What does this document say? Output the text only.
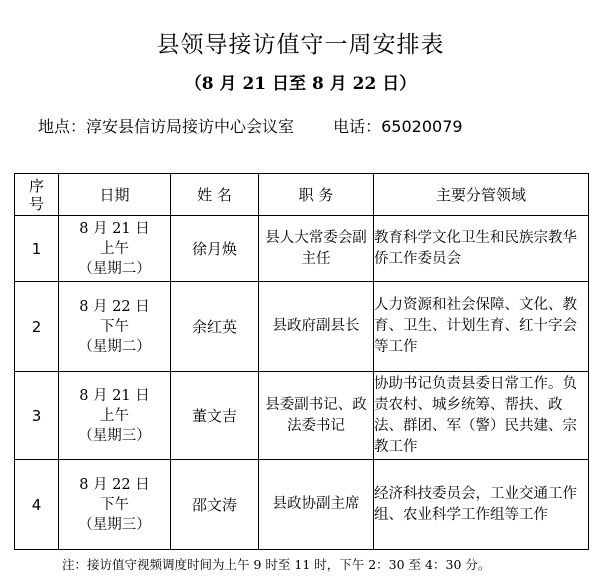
县领导接访值守一周安排表
（8 月 21 日至 8 月 22 日）
地点：淳安县信访局接访中心会议室 电话：65020079
序
号	日期	姓 名	职 务	主要分管领域
1	8 月 21 日
上午
（星期二）	徐月焕	县人大常委会副主任	教育科学文化卫生和民族宗教华侨工作委员会
2	8 月 22 日
下午
（星期二）	余红英	县政府副县长	人力资源和社会保障、文化、教育、卫生、计划生育、红十字会等工作
3	8 月 21 日
上午
（星期三）	董文吉	县委副书记、政法委书记	协助书记负责县委日常工作。负责农村、城乡统筹、帮扶、政法、群团、军（警）民共建、宗教工作
4	8 月 22 日
下午
（星期三）	邵文涛	县政协副主席	经济科技委员会，工业交通工作组、农业科学工作组等工作
注：接访值守视频调度时间为上午 9 时至 11 时，下午 2：30 至 4：30 分。
